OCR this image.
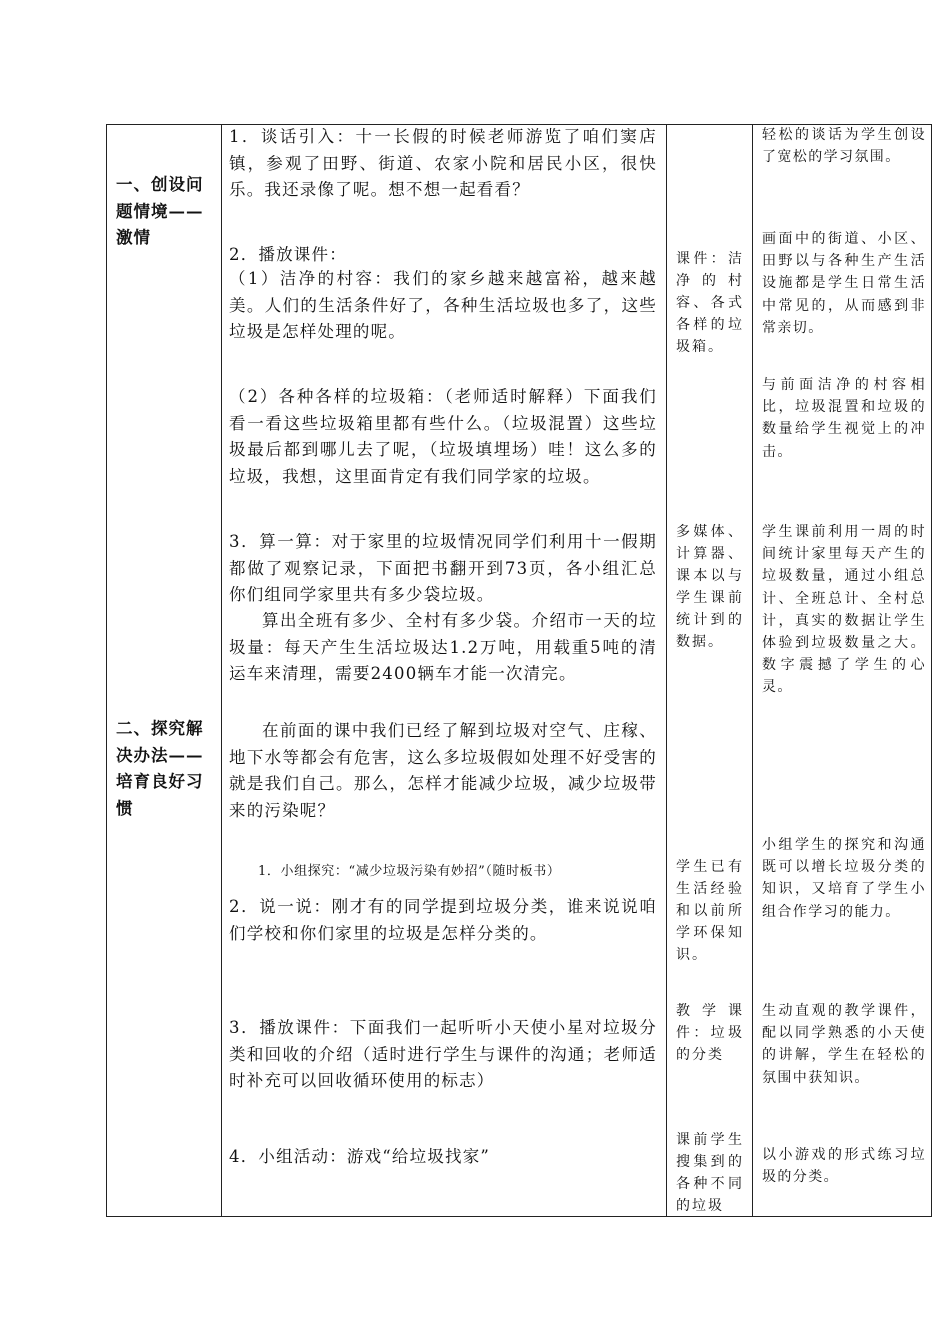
一、创设问题情境——激情
二、探究解决办法——培育良好习惯
1．谈话引入：十一长假的时候老师游览了咱们窦店镇，参观了田野、街道、农家小院和居民小区，很快乐。我还录像了呢。想不想一起看看？
2．播放课件：
（1）洁净的村容：我们的家乡越来越富裕，越来越美。人们的生活条件好了，各种生活垃圾也多了，这些垃圾是怎样处理的呢。
（2）各种各样的垃圾箱：（老师适时解释）下面我们看一看这些垃圾箱里都有些什么。（垃圾混置）这些垃圾最后都到哪儿去了呢，（垃圾填埋场）哇！这么多的垃圾，我想，这里面肯定有我们同学家的垃圾。
3．算一算：对于家里的垃圾情况同学们利用十一假期都做了观察记录，下面把书翻开到73页，各小组汇总你们组同学家里共有多少袋垃圾。
算出全班有多少、全村有多少袋。介绍市一天的垃圾量：每天产生生活垃圾达1.2万吨，用载重5吨的清运车来清理，需要2400辆车才能一次清完。
在前面的课中我们已经了解到垃圾对空气、庄稼、地下水等都会有危害，这么多垃圾假如处理不好受害的就是我们自己。那么，怎样才能减少垃圾，减少垃圾带来的污染呢？
1．小组探究：“减少垃圾污染有妙招”（随时板书）
2．说一说：刚才有的同学提到垃圾分类，谁来说说咱们学校和你们家里的垃圾是怎样分类的。
3．播放课件：下面我们一起听听小天使小星对垃圾分类和回收的介绍（适时进行学生与课件的沟通；老师适时补充可以回收循环使用的标志）
4．小组活动：游戏“给垃圾找家”
课件：洁净的村容、各式各样的垃圾箱。
多媒体、计算器、课本以与学生课前统计到的数据。
学生已有生活经验和以前所学环保知识。
教学课件：垃圾的分类
课前学生搜集到的各种不同的垃圾
轻松的谈话为学生创设了宽松的学习氛围。
画面中的街道、小区、田野以与各种生产生活设施都是学生日常生活中常见的，从而感到非常亲切。
与前面洁净的村容相比，垃圾混置和垃圾的数量给学生视觉上的冲击。
学生课前利用一周的时间统计家里每天产生的垃圾数量，通过小组总计、全班总计、全村总计，真实的数据让学生体验到垃圾数量之大。数字震撼了学生的心灵。
小组学生的探究和沟通既可以增长垃圾分类的知识，又培育了学生小组合作学习的能力。
生动直观的教学课件，配以同学熟悉的小天使的讲解，学生在轻松的氛围中获知识。
以小游戏的形式练习垃圾的分类。
